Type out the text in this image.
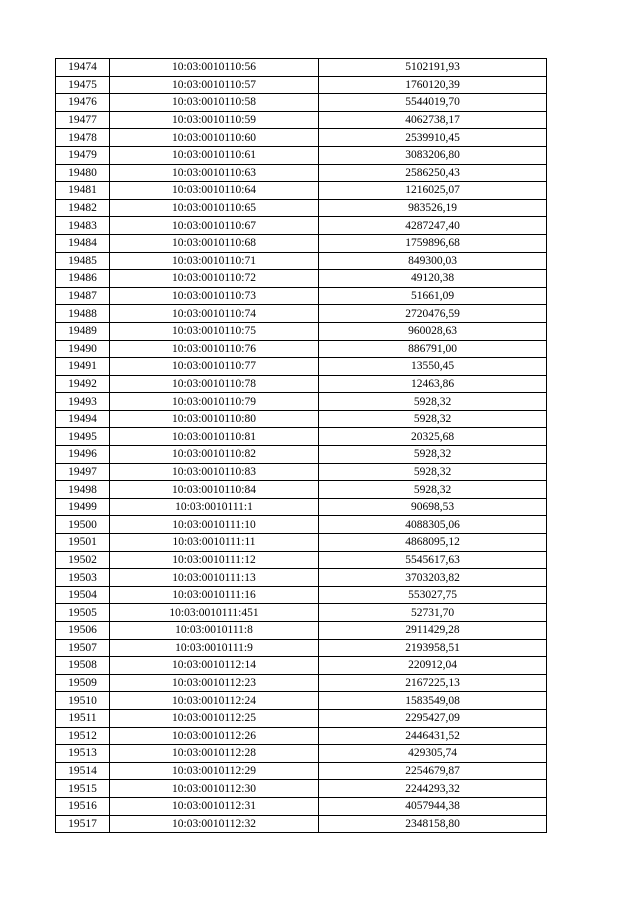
19474	10:03:0010110:56	5102191,93
19475	10:03:0010110:57	1760120,39
19476	10:03:0010110:58	5544019,70
19477	10:03:0010110:59	4062738,17
19478	10:03:0010110:60	2539910,45
19479	10:03:0010110:61	3083206,80
19480	10:03:0010110:63	2586250,43
19481	10:03:0010110:64	1216025,07
19482	10:03:0010110:65	983526,19
19483	10:03:0010110:67	4287247,40
19484	10:03:0010110:68	1759896,68
19485	10:03:0010110:71	849300,03
19486	10:03:0010110:72	49120,38
19487	10:03:0010110:73	51661,09
19488	10:03:0010110:74	2720476,59
19489	10:03:0010110:75	960028,63
19490	10:03:0010110:76	886791,00
19491	10:03:0010110:77	13550,45
19492	10:03:0010110:78	12463,86
19493	10:03:0010110:79	5928,32
19494	10:03:0010110:80	5928,32
19495	10:03:0010110:81	20325,68
19496	10:03:0010110:82	5928,32
19497	10:03:0010110:83	5928,32
19498	10:03:0010110:84	5928,32
19499	10:03:0010111:1	90698,53
19500	10:03:0010111:10	4088305,06
19501	10:03:0010111:11	4868095,12
19502	10:03:0010111:12	5545617,63
19503	10:03:0010111:13	3703203,82
19504	10:03:0010111:16	553027,75
19505	10:03:0010111:451	52731,70
19506	10:03:0010111:8	2911429,28
19507	10:03:0010111:9	2193958,51
19508	10:03:0010112:14	220912,04
19509	10:03:0010112:23	2167225,13
19510	10:03:0010112:24	1583549,08
19511	10:03:0010112:25	2295427,09
19512	10:03:0010112:26	2446431,52
19513	10:03:0010112:28	429305,74
19514	10:03:0010112:29	2254679,87
19515	10:03:0010112:30	2244293,32
19516	10:03:0010112:31	4057944,38
19517	10:03:0010112:32	2348158,80
